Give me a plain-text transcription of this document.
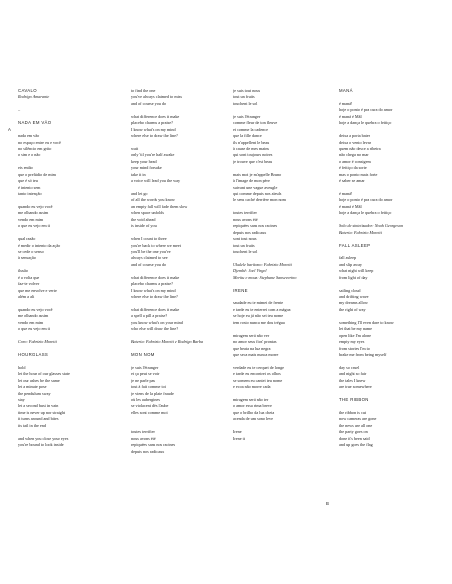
CAVALO
Rodrigo Amarante
–
NADA EM VÃO
nada em vão
no espaço entre eu e você
no silêncio em grito
o sim e o não
eis então
que o prelúdio de mim
que é só teu
é intento sem
tanto intenção
quando eu vejo você
me olhando assim
vendo em mim
o que eu vejo em ti
qual razão
é medir o intento da ação
se cede o senso
à sensação
ilusão
é a volta que
faz-te volver
que me envolve e verte
além a ali
quando eu vejo você
me olhando assim
vendo em mim
o que eu vejo em ti
Coro: Fabrizio Moretti
HOURGLASS
hold
let the hour of our glasses state
let our ashes be the same
let a minute pose
the pendulum sway
stay
let a second bust in vain
time is never up nor straight
it turns around and bites
its tail in the end
and when you close your eyes
you're bound to look inside
to find the one
you've always claimed to miss
and of course you do
what difference does it make
placebo charms a praise?
I know what's on my mind
where else to draw the line?
wait
only 'til you're half awake
keep your head
your mind forsake
take it in
a voice will lead you the way
and let go
of all the words you know
an empty fall will fade them slow
when space unfolds
the void ahead
is inside of you
when I count to three
you're back to where we meet
you'll be the one you've
always claimed to see
and of course you do
what difference does it make
placebo charms a praise?
I know what's on my mind
where else to draw the line?
what difference does it make
a spell a pill a praise?
you know what's on your mind
who else will draw the line?
Bateria: Fabrizio Moretti e Rodrigo Barba
MON NOM
je suis l'étranger
et ça peut se voir
je ne parle pas
tout à fait comme toi
je viens de la plaie fraude
où les aubergines
se violacent dès l'aube
elles sont comme moi
toutes terrifier
nous avons été
repiquées sans nos racines
depuis nos radicaux
je suis tout nous
tout un fruits
touchent le sol
je suis l'étranger
comme fleur de ton fleuve
et comme la cadence
que la fille dance
ils n'appellent le beau
à cause de mes mains
qui sont toujours noires
je trouve que c'est beau
mais moi je m'appelle Bruno
à l'image de mon père
suivant une vague aveugle
qui comme depuis nos aïeuls
le sens caché derrière mon nom
toutes terrifier
nous avons été
repiquées sans nos racines
depuis nos radicaux
sont tout nous
tout un fruits
touchent le sol
Ukulele barítono: Fabrizio Moretti
Djembê: Joel Virgel
Meritu e mouz: Stephane Sanseverino
IRENE
saudade eu te mimei de frente
e tarde eu te enterrei com a mágoa
se hoje eu já não sei teu nome
tem rosto nunca me dou trégua
miragem será não ver
no amor seus fios' prontas
que beata na luz negra
que seca mais nunca morre
verdade eu te cerquei de longe
e tarde eu encontrei os olhos
se somem eu cantei teu nome
e ecoa não morre cada
miragem será não ter
o amor essa rima breve
que o brilho da luz cheia
acenda de um sono leve
Irene
Irene tt
MANÁ
é maná!
hoje o ponto é pra cura do amor
é maná é Mãl
hoje a dança le quebra o feitiço
deixa a porta bater
deixa o vento levar
quem não desce a ribeira
não chega no mar
o amor é consigem
é feitiço da sorte
mas o ponto mais forte
é saber se amar
é maná!
hoje o ponto é pra cura do amor
é maná é Mãl
hoje a dança le quebra o feitiço
Solo de sintetizador: Noah Georgeson
Bateria: Fabrizio Moretti
FALL ASLEEP
fall asleep
and slip away
what night will keep
from light of day
sailing cloud
and drifting wave
my dreams allow
the right of way
something I'll even dare to know
let that be my name
open like I'm alone
empty my eyes
from stories I'm to
brake me from being myself
day so cruel
and night so fair
the tales I knew
are true somewhere
THE RIBBON
the ribbon is cut
now cameras are gone
the news are all one
the party goes on
done it's been said
and up goes the flag
A
B
